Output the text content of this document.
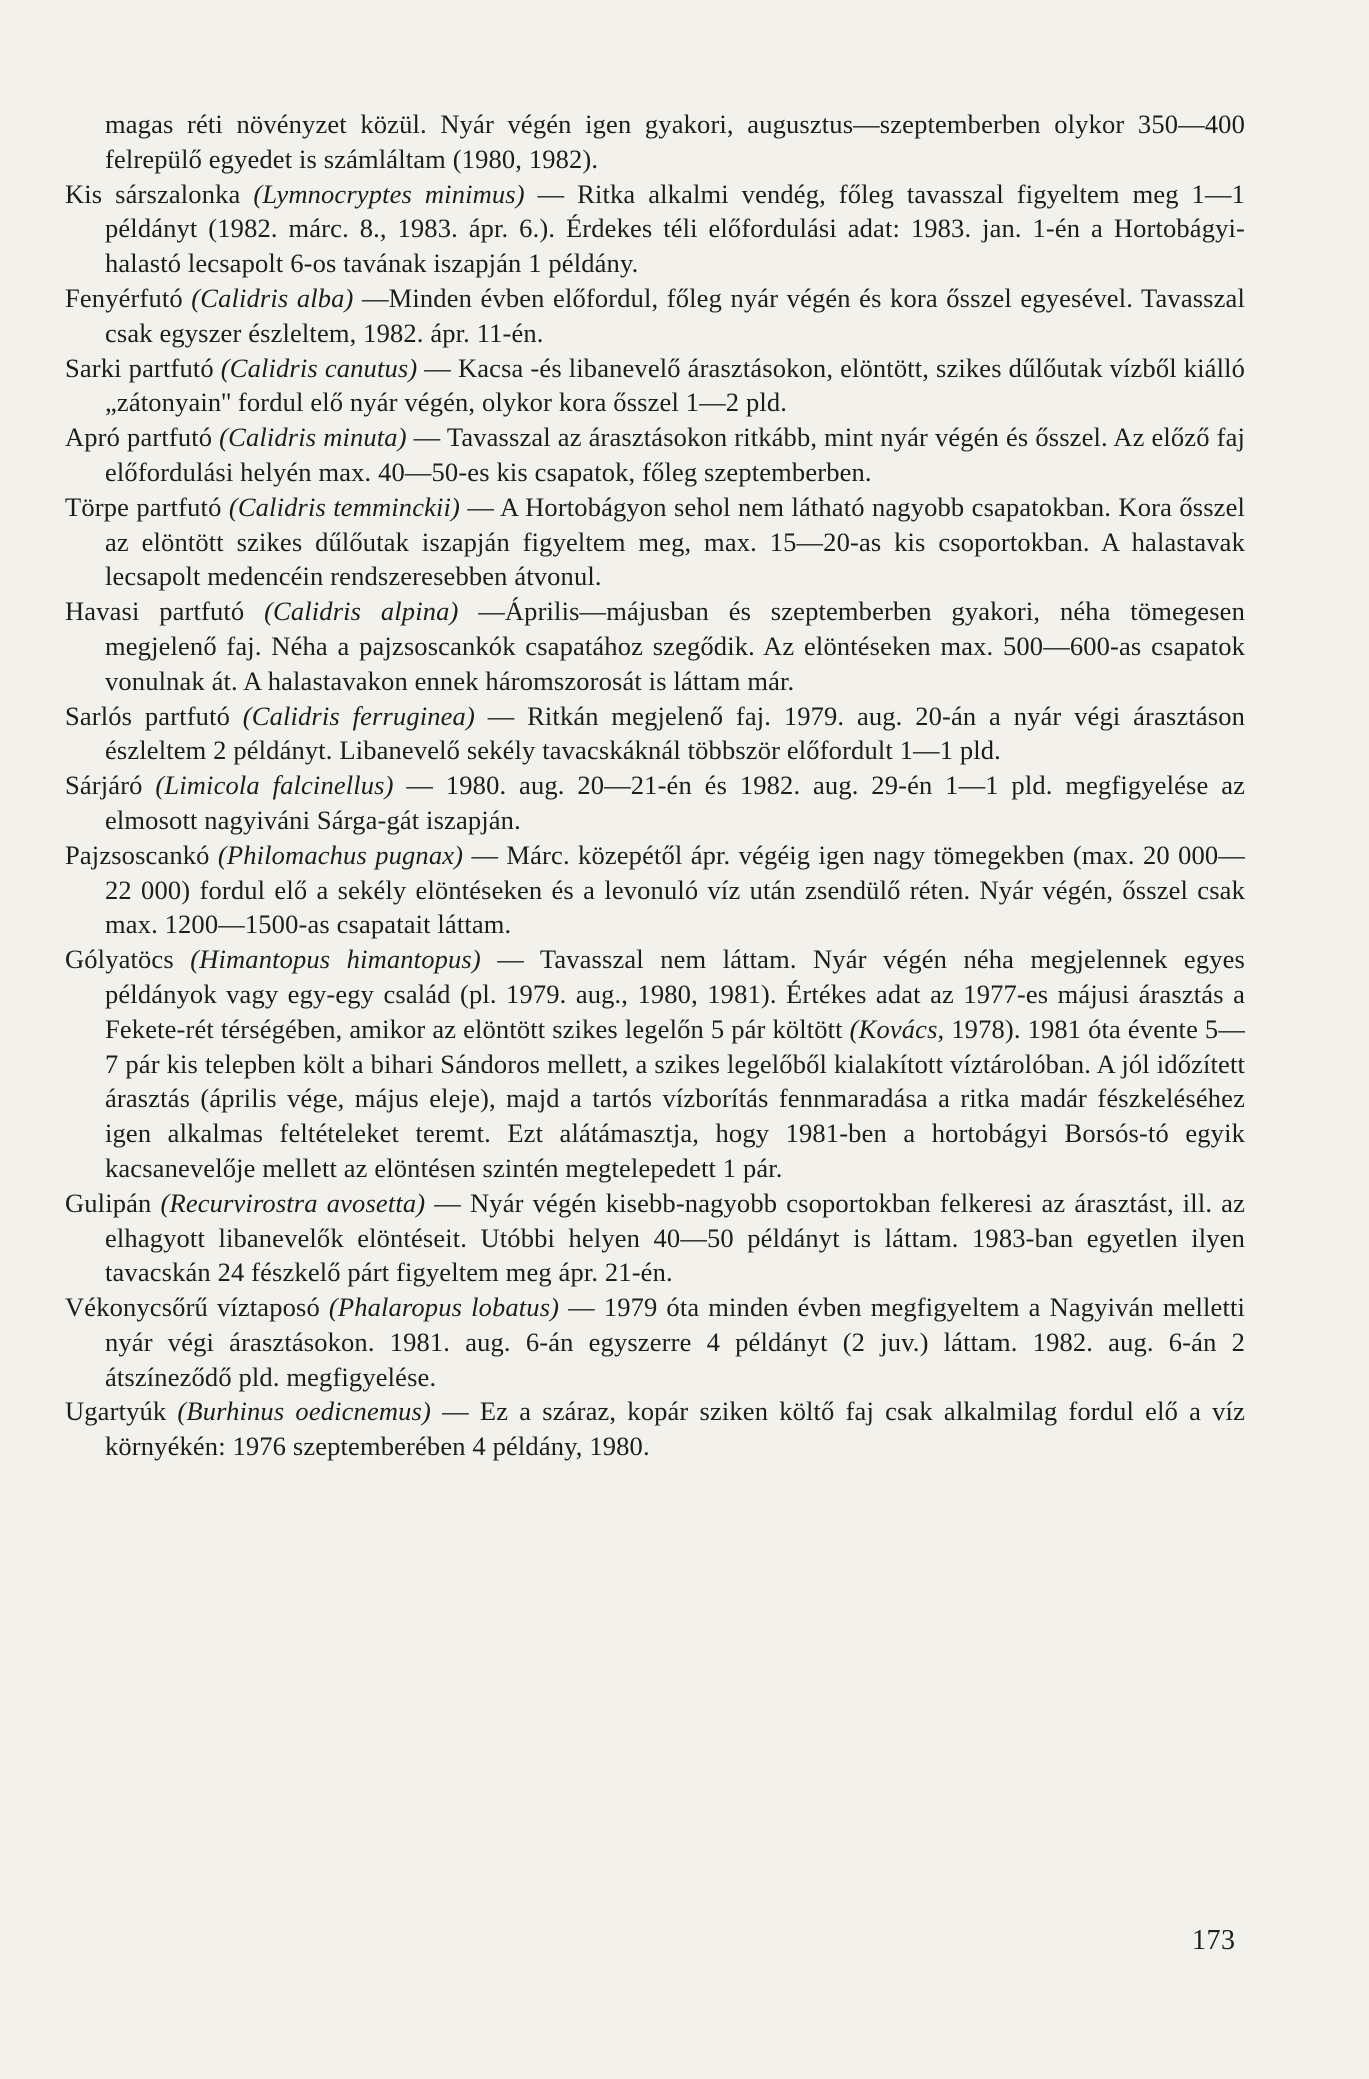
magas réti növényzet közül. Nyár végén igen gyakori, augusztus—szeptemberben olykor 350—400 felrepülő egyedet is számláltam (1980, 1982).

Kis sárszalonka (Lymnocryptes minimus) — Ritka alkalmi vendég, főleg tavasszal figyeltem meg 1—1 példányt (1982. márc. 8., 1983. ápr. 6.). Érdekes téli előfordulási adat: 1983. jan. 1-én a Hortobágyi-halastó lecsapolt 6-os tavának iszapján 1 példány.

Fenyérfutó (Calidris alba) —Minden évben előfordul, főleg nyár végén és kora ősszel egyesével. Tavasszal csak egyszer észleltem, 1982. ápr. 11-én.

Sarki partfutó (Calidris canutus) — Kacsa -és libanevelő árasztásokon, elöntött, szikes dűlőutak vízből kiálló „zátonyain'' fordul elő nyár végén, olykor kora ősszel 1—2 pld.

Apró partfutó (Calidris minuta) — Tavasszal az árasztásokon ritkább, mint nyár végén és ősszel. Az előző faj előfordulási helyén max. 40—50-es kis csapatok, főleg szeptemberben.

Törpe partfutó (Calidris temminckii) — A Hortobágyon sehol nem látható nagyobb csapatokban. Kora ősszel az elöntött szikes dűlőutak iszapján figyeltem meg, max. 15—20-as kis csoportokban. A halastavak lecsapolt medencéin rendszeresebben átvonul.

Havasi partfutó (Calidris alpina) —Április—májusban és szeptemberben gyakori, néha tömegesen megjelenő faj. Néha a pajzsoscankók csapatához szegődik. Az elöntéseken max. 500—600-as csapatok vonulnak át. A halastavakon ennek háromszorosát is láttam már.

Sarlós partfutó (Calidris ferruginea) — Ritkán megjelenő faj. 1979. aug. 20-án a nyár végi árasztáson észleltem 2 példányt. Libanevelő sekély tavacskáknál többször előfordult 1—1 pld.

Sárjáró (Limicola falcinellus) — 1980. aug. 20—21-én és 1982. aug. 29-én 1—1 pld. megfigyelése az elmosott nagyiváni Sárga-gát iszapján.

Pajzsoscankó (Philomachus pugnax) — Márc. közepétől ápr. végéig igen nagy tömegekben (max. 20 000—22 000) fordul elő a sekély elöntéseken és a levonuló víz után zsendülő réten. Nyár végén, ősszel csak max. 1200—1500-as csapatait láttam.

Gólyatöcs (Himantopus himantopus) — Tavasszal nem láttam. Nyár végén néha megjelennek egyes példányok vagy egy-egy család (pl. 1979. aug., 1980, 1981). Értékes adat az 1977-es májusi árasztás a Fekete-rét térségében, amikor az elöntött szikes legelőn 5 pár költött (Kovács, 1978). 1981 óta évente 5—7 pár kis telepben költ a bihari Sándoros mellett, a szikes legelőből kialakított víztárolóban. A jól időzített árasztás (április vége, május eleje), majd a tartós vízborítás fennmaradása a ritka madár fészkeléséhez igen alkalmas feltételeket teremt. Ezt alátámasztja, hogy 1981-ben a hortobágyi Borsós-tó egyik kacsanevelője mellett az elöntésen szintén megtelepedett 1 pár.

Gulipán (Recurvirostra avosetta) — Nyár végén kisebb-nagyobb csoportokban felkeresi az árasztást, ill. az elhagyott libanevelők elöntéseit. Utóbbi helyen 40—50 példányt is láttam. 1983-ban egyetlen ilyen tavacskán 24 fészkelő párt figyeltem meg ápr. 21-én.

Vékonycsőrű víztaposó (Phalaropus lobatus) — 1979 óta minden évben megfigyeltem a Nagyiván melletti nyár végi árasztásokon. 1981. aug. 6-án egyszerre 4 példányt (2 juv.) láttam. 1982. aug. 6-án 2 átszíneződő pld. megfigyelése.

Ugartyúk (Burhinus oedicnemus) — Ez a száraz, kopár sziken költő faj csak alkalmilag fordul elő a víz környékén: 1976 szeptemberében 4 példány, 1980.

173
